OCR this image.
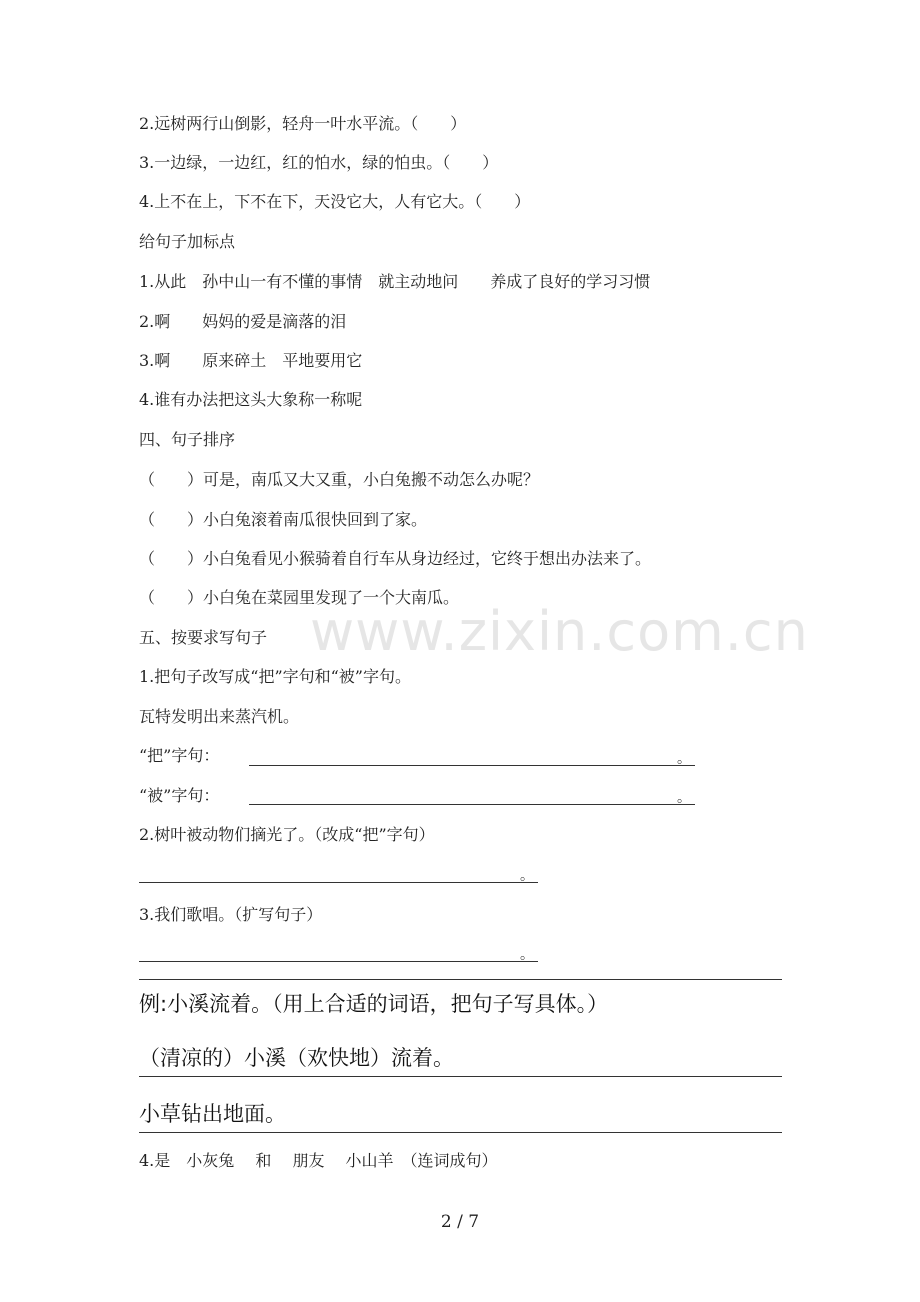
www.zixin.com.cn
2.远树两行山倒影，轻舟一叶水平流。（　　）
3.一边绿，一边红，红的怕水，绿的怕虫。（　　）
4.上不在上，下不在下，天没它大，人有它大。（　　）
给句子加标点
1.从此　孙中山一有不懂的事情　就主动地问　　养成了良好的学习习惯
2.啊　　妈妈的爱是滴落的泪
3.啊　　原来碎土　平地要用它
4.谁有办法把这头大象称一称呢
四、句子排序
（　　）可是，南瓜又大又重，小白兔搬不动怎么办呢？
（　　）小白兔滚着南瓜很快回到了家。
（　　）小白兔看见小猴骑着自行车从身边经过，它终于想出办法来了。
（　　）小白兔在菜园里发现了一个大南瓜。
五、按要求写句子
1.把句子改写成“把”字句和“被”字句。
瓦特发明出来蒸汽机。
“把”字句：	。
“被”字句：	。
2.树叶被动物们摘光了。（改成“把”字句）
。
3.我们歌唱。（扩写句子）
。
例:小溪流着。（用上合适的词语，把句子写具体。）
（清凉的）小溪（欢快地）流着。
小草钻出地面。
4.是　小灰兔　 和　 朋友　 小山羊　（连词成句）
2 / 7
